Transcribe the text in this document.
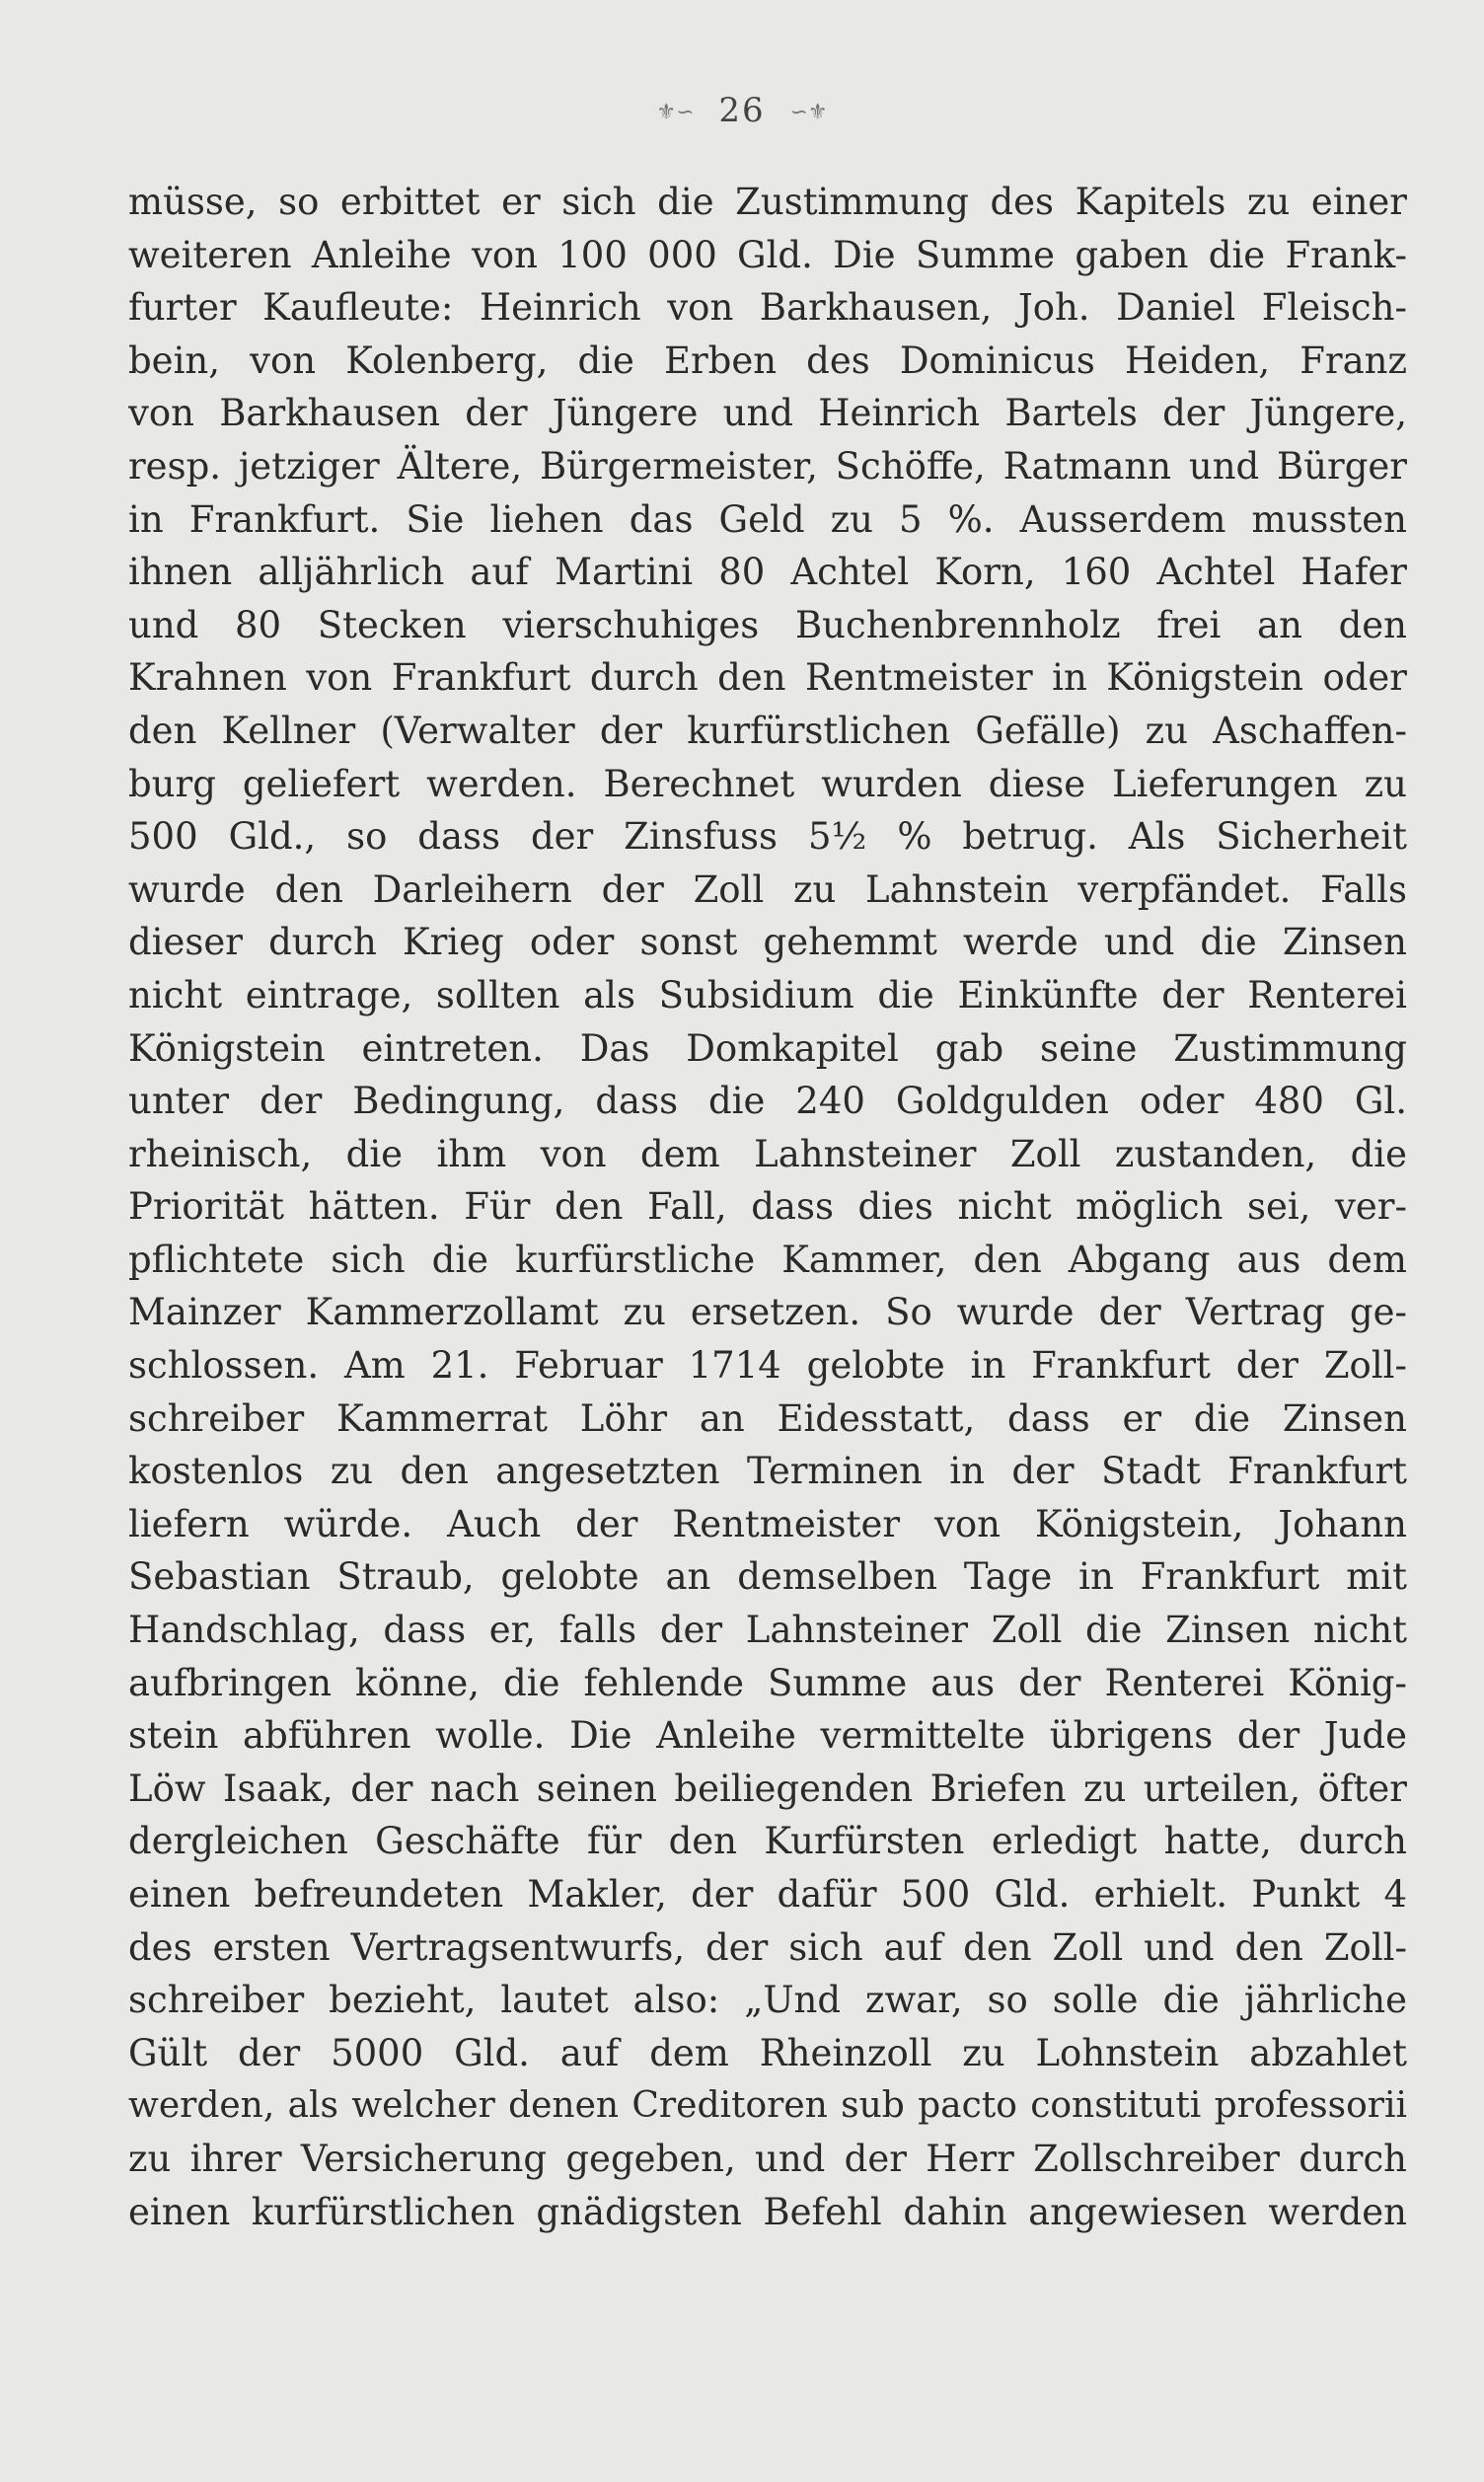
⚜∽ 26 ∽⚜
müsse, so erbittet er sich die Zustimmung des Kapitels zu einer
weiteren Anleihe von 100 000 Gld. Die Summe gaben die Frank-
furter Kaufleute: Heinrich von Barkhausen, Joh. Daniel Fleisch-
bein, von Kolenberg, die Erben des Dominicus Heiden, Franz
von Barkhausen der Jüngere und Heinrich Bartels der Jüngere,
resp. jetziger Ältere, Bürgermeister, Schöffe, Ratmann und Bürger
in Frankfurt. Sie liehen das Geld zu 5 %. Ausserdem mussten
ihnen alljährlich auf Martini 80 Achtel Korn, 160 Achtel Hafer
und 80 Stecken vierschuhiges Buchenbrennholz frei an den
Krahnen von Frankfurt durch den Rentmeister in Königstein oder
den Kellner (Verwalter der kurfürstlichen Gefälle) zu Aschaffen-
burg geliefert werden. Berechnet wurden diese Lieferungen zu
500 Gld., so dass der Zinsfuss 5½ % betrug. Als Sicherheit
wurde den Darleihern der Zoll zu Lahnstein verpfändet. Falls
dieser durch Krieg oder sonst gehemmt werde und die Zinsen
nicht eintrage, sollten als Subsidium die Einkünfte der Renterei
Königstein eintreten. Das Domkapitel gab seine Zustimmung
unter der Bedingung, dass die 240 Goldgulden oder 480 Gl.
rheinisch, die ihm von dem Lahnsteiner Zoll zustanden, die
Priorität hätten. Für den Fall, dass dies nicht möglich sei, ver-
pflichtete sich die kurfürstliche Kammer, den Abgang aus dem
Mainzer Kammerzollamt zu ersetzen. So wurde der Vertrag ge-
schlossen. Am 21. Februar 1714 gelobte in Frankfurt der Zoll-
schreiber Kammerrat Löhr an Eidesstatt, dass er die Zinsen
kostenlos zu den angesetzten Terminen in der Stadt Frankfurt
liefern würde. Auch der Rentmeister von Königstein, Johann
Sebastian Straub, gelobte an demselben Tage in Frankfurt mit
Handschlag, dass er, falls der Lahnsteiner Zoll die Zinsen nicht
aufbringen könne, die fehlende Summe aus der Renterei König-
stein abführen wolle. Die Anleihe vermittelte übrigens der Jude
Löw Isaak, der nach seinen beiliegenden Briefen zu urteilen, öfter
dergleichen Geschäfte für den Kurfürsten erledigt hatte, durch
einen befreundeten Makler, der dafür 500 Gld. erhielt. Punkt 4
des ersten Vertragsentwurfs, der sich auf den Zoll und den Zoll-
schreiber bezieht, lautet also: „Und zwar, so solle die jährliche
Gült der 5000 Gld. auf dem Rheinzoll zu Lohnstein abzahlet
werden, als welcher denen Creditoren sub pacto constituti professorii
zu ihrer Versicherung gegeben, und der Herr Zollschreiber durch
einen kurfürstlichen gnädigsten Befehl dahin angewiesen werden
